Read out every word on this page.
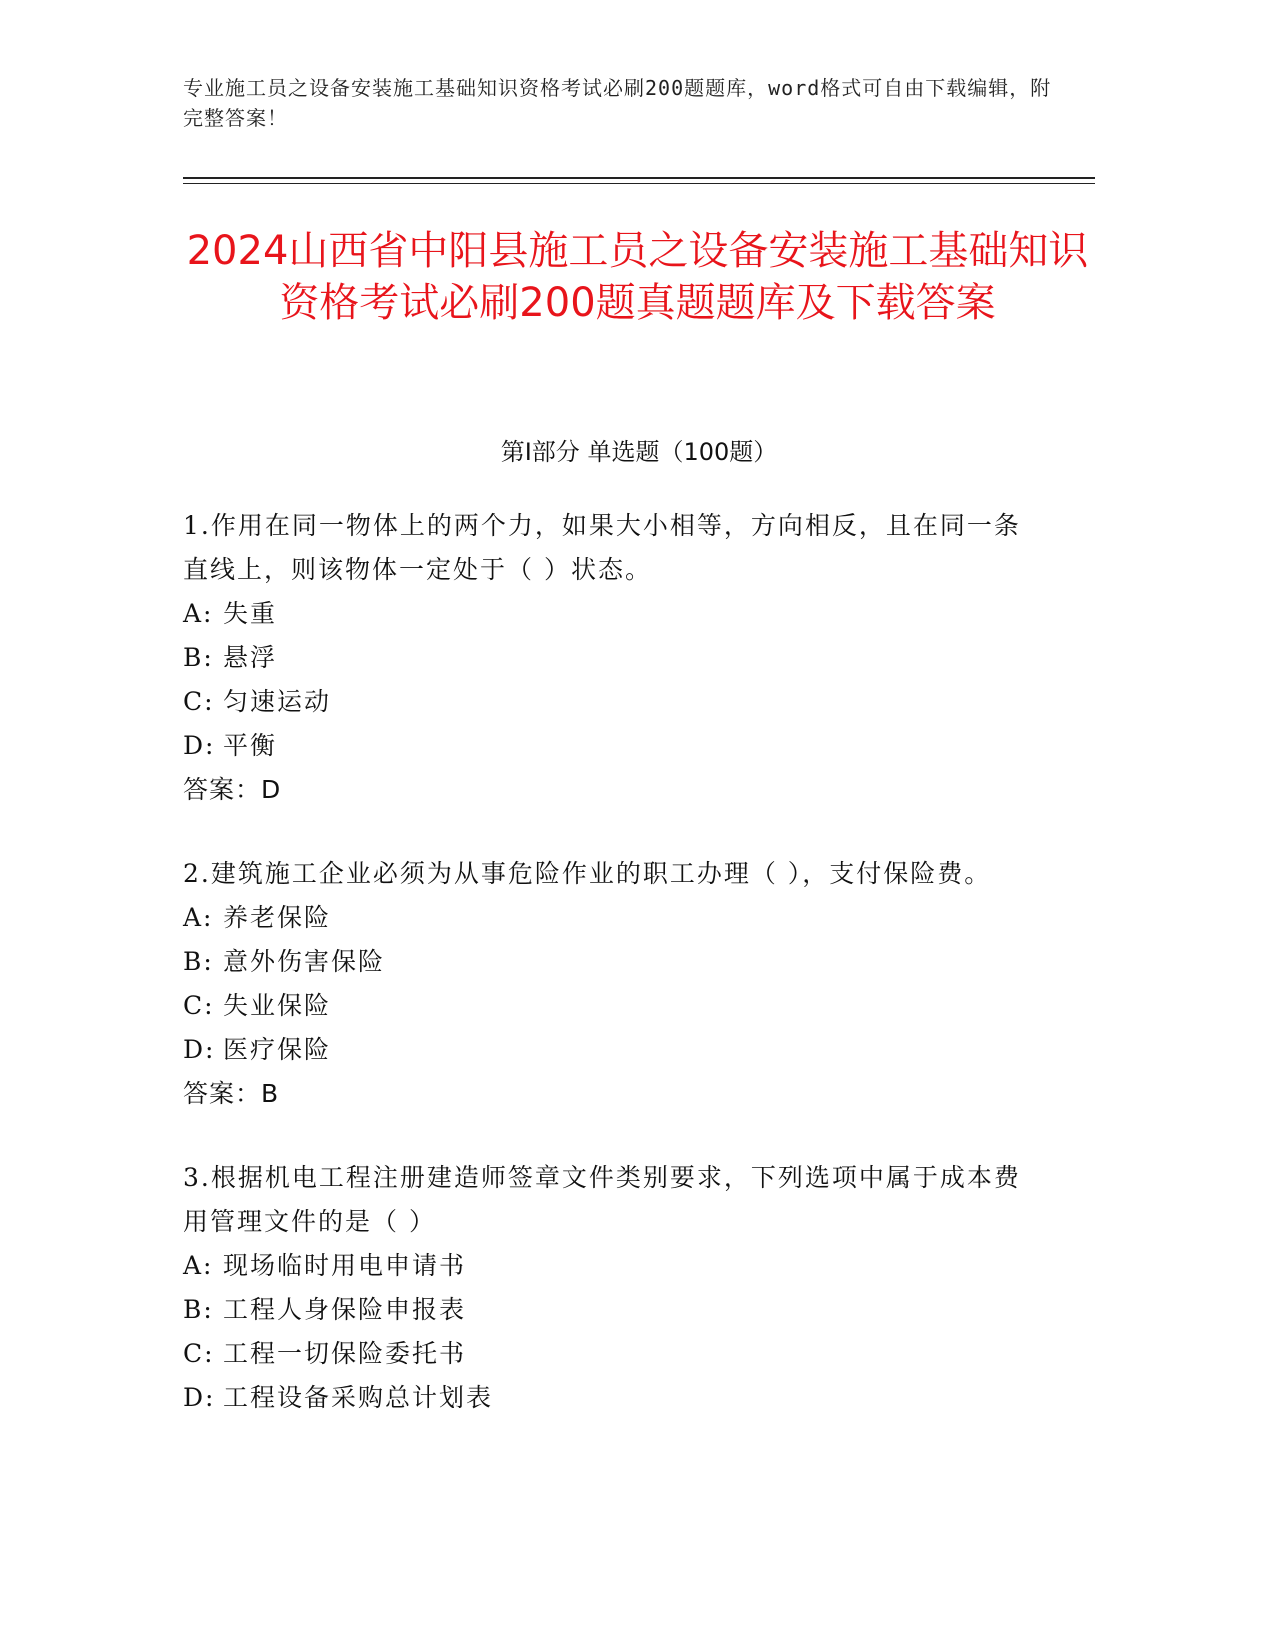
专业施工员之设备安装施工基础知识资格考试必刷200题题库，word格式可自由下载编辑，附完整答案！

2024山西省中阳县施工员之设备安装施工基础知识资格考试必刷200题真题题库及下载答案
第I部分 单选题（100题）

1.作用在同一物体上的两个力，如果大小相等，方向相反，且在同一条直线上，则该物体一定处于（ ）状态。

A: 失重
B: 悬浮
C: 匀速运动
D: 平衡

答案：D

2.建筑施工企业必须为从事危险作业的职工办理（ ），支付保险费。

A: 养老保险
B: 意外伤害保险
C: 失业保险
D: 医疗保险

答案：B

3.根据机电工程注册建造师签章文件类别要求，下列选项中属于成本费用管理文件的是（ ）

A: 现场临时用电申请书
B: 工程人身保险申报表
C: 工程一切保险委托书
D: 工程设备采购总计划表
